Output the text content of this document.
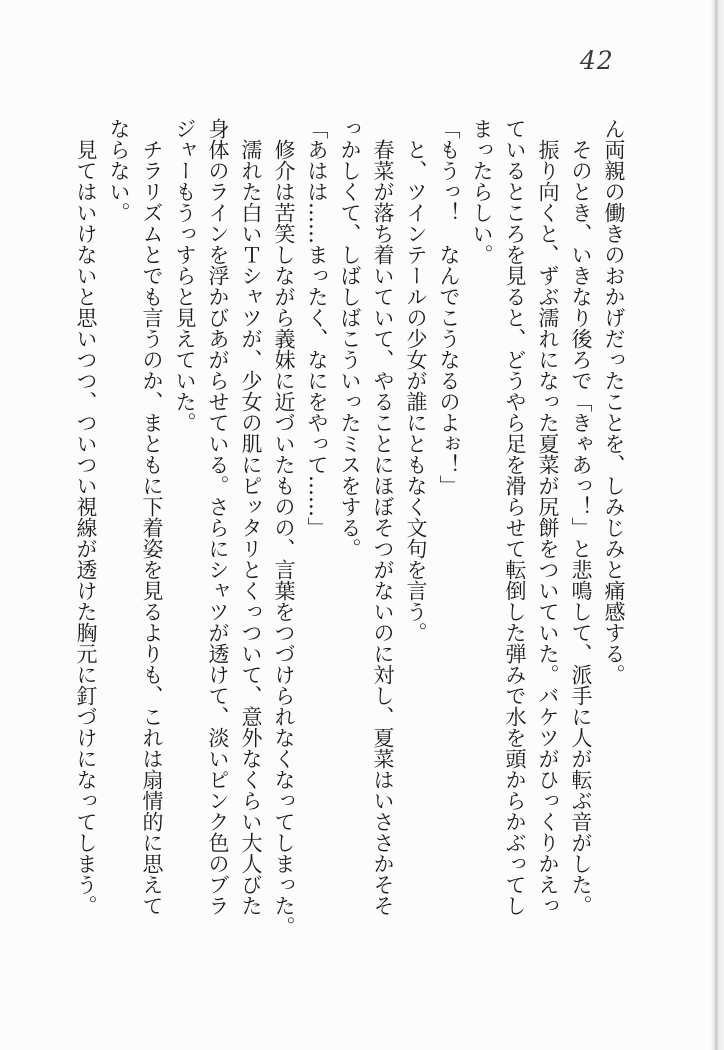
42

ん両親の働きのおかげだったことを、しみじみと痛感する。

そのとき、いきなり後ろで「きゃあっ！」と悲鳴して、派手に人が転ぶ音がした。

振り向くと、ずぶ濡れになった夏菜が尻餅をついていた。バケツがひっくりかえっ

ているところを見ると、どうやら足を滑らせて転倒した弾みで水を頭からかぶってし

まったらしい。

「もうっ！　なんでこうなるのよぉ！」

と、ツインテールの少女が誰にともなく文句を言う。

春菜が落ち着いていて、やることにほぼそつがないのに対し、夏菜はいささかそそ

っかしくて、しばしばこういったミスをする。

「あはは……まったく、なにをやって……」

修介は苦笑しながら義妹に近づいたものの、言葉をつづけられなくなってしまった。

濡れた白いＴシャツが、少女の肌にピッタリとくっついて、意外なくらい大人びた

身体のラインを浮かびあがらせている。さらにシャツが透けて、淡いピンク色のブラ

ジャーもうっすらと見えていた。

チラリズムとでも言うのか、まともに下着姿を見るよりも、これは扇情的に思えて

ならない。

見てはいけないと思いつつ、ついつい視線が透けた胸元に釘づけになってしまう。
